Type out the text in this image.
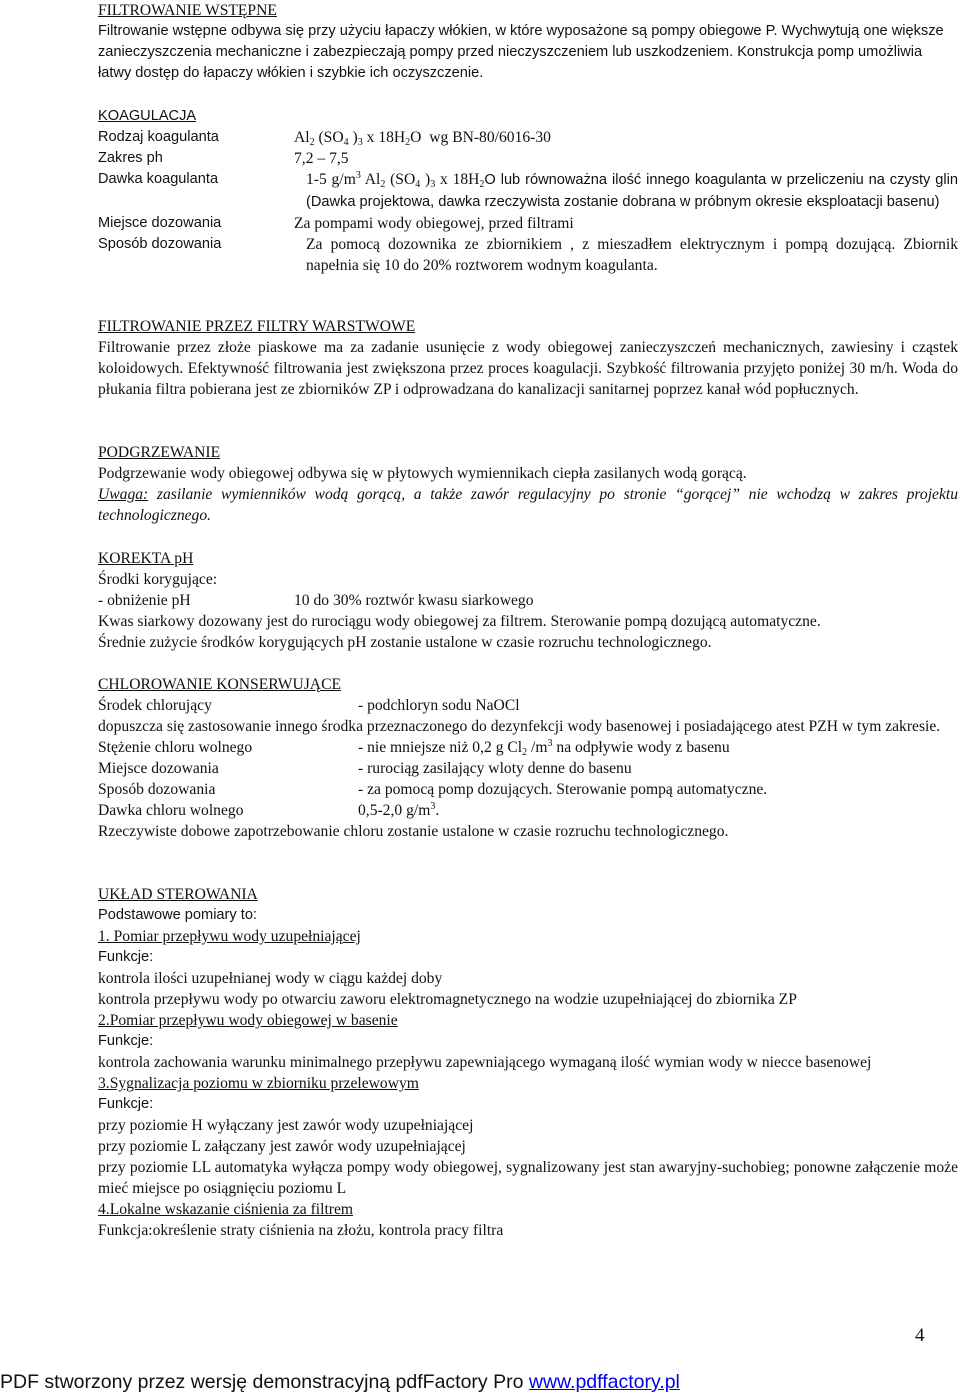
FILTROWANIE WSTĘPNE
Filtrowanie wstępne odbywa się przy użyciu łapaczy włókien, w które wyposażone są pompy obiegowe P. Wychwytują one większe zanieczyszczenia mechaniczne i zabezpieczają pompy przed nieczyszczeniem lub uszkodzeniem. Konstrukcja pomp umożliwia łatwy dostęp do łapaczy włókien i szybkie ich oczyszczenie.
KOAGULACJA
Rodzaj koagulanta	$Al_2$ ($SO_4$ )$_3$ x $18H_2O$  wg BN-80/6016-30
Zakres ph	7,2 – 7,5
Dawka koagulanta	1-5 $g/m^3$ $Al_2$ ($SO_4$ )$_3$ x $18H_2O$ lub równoważna ilość innego koagulanta w przeliczeniu na czysty glin (Dawka projektowa, dawka rzeczywista zostanie dobrana w próbnym okresie eksploatacji basenu)
Miejsce dozowania	Za pompami wody obiegowej, przed filtrami
Sposób dozowania	Za pomocą dozownika ze zbiornikiem , z mieszadłem elektrycznym i pompą dozującą. Zbiornik napełnia się 10 do 20% roztworem wodnym koagulanta.
FILTROWANIE PRZEZ FILTRY WARSTWOWE
Filtrowanie przez złoże piaskowe ma za zadanie usunięcie z wody obiegowej zanieczyszczeń mechanicznych, zawiesiny i cząstek koloidowych. Efektywność filtrowania jest zwiększona przez proces koagulacji. Szybkość filtrowania przyjęto poniżej 30 m/h. Woda do płukania filtra pobierana jest ze zbiorników ZP i odprowadzana do kanalizacji sanitarnej poprzez kanał wód popłucznych.
PODGRZEWANIE
Podgrzewanie wody obiegowej odbywa się w płytowych wymiennikach ciepła zasilanych wodą gorącą.
Uwaga: zasilanie wymienników wodą gorącą, a także zawór regulacyjny po stronie “gorącej” nie wchodzą w zakres projektu technologicznego.
KOREKTA pH
Środki korygujące:
- obniżenie pH	10 do 30% roztwór kwasu siarkowego
Kwas siarkowy dozowany jest do rurociągu wody obiegowej za filtrem. Sterowanie pompą dozującą automatyczne.
Średnie zużycie środków korygujących pH zostanie ustalone w czasie rozruchu technologicznego.
CHLOROWANIE KONSERWUJĄCE
Środek chlorujący	- podchloryn sodu NaOCl
dopuszcza się zastosowanie innego środka przeznaczonego do dezynfekcji wody basenowej i posiadającego atest PZH w tym zakresie.
Stężenie chloru wolnego	- nie mniejsze niż 0,2 g $Cl_2$ $/m^3$ na odpływie wody z basenu
Miejsce dozowania	- rurociąg zasilający wloty denne do basenu
Sposób dozowania	- za pomocą pomp dozujących. Sterowanie pompą automatyczne.
Dawka chloru wolnego	0,5-2,0 $g/m^3$.
Rzeczywiste dobowe zapotrzebowanie chloru zostanie ustalone w czasie rozruchu technologicznego.
UKŁAD STEROWANIA
Podstawowe pomiary to:
1. Pomiar przepływu wody uzupełniającej
Funkcje:
kontrola ilości uzupełnianej wody w ciągu każdej doby
kontrola przepływu wody po otwarciu zaworu elektromagnetycznego na wodzie uzupełniającej do zbiornika ZP
2.Pomiar przepływu wody obiegowej w basenie
Funkcje:
kontrola zachowania warunku minimalnego przepływu zapewniającego wymaganą ilość wymian wody w niecce basenowej
3.Sygnalizacja poziomu w zbiorniku przelewowym
Funkcje:
przy poziomie H wyłączany jest zawór wody uzupełniającej
przy poziomie L załączany jest zawór wody uzupełniającej
przy poziomie LL automatyka wyłącza pompy wody obiegowej, sygnalizowany jest stan awaryjny-suchobieg; ponowne załączenie może mieć miejsce po osiągnięciu poziomu L
4.Lokalne wskazanie ciśnienia za filtrem
Funkcja:określenie straty ciśnienia na złożu, kontrola pracy filtra
4
PDF stworzony przez wersję demonstracyjną pdfFactory Pro www.pdffactory.pl
